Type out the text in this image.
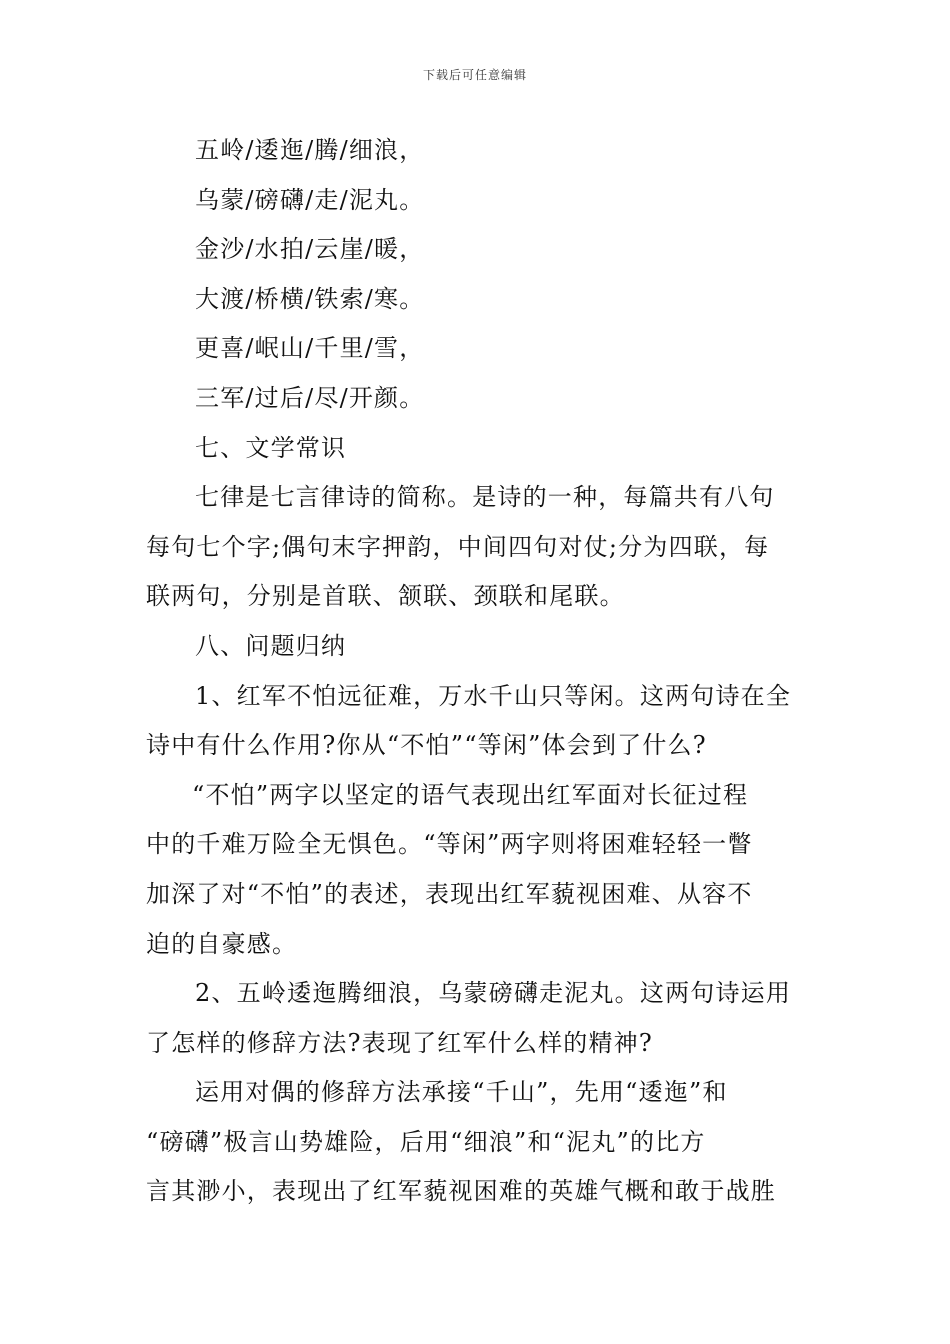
下载后可任意编辑
五岭/逶迤/腾/细浪，
乌蒙/磅礴/走/泥丸。
金沙/水拍/云崖/暖，
大渡/桥横/铁索/寒。
更喜/岷山/千里/雪，
三军/过后/尽/开颜。
七、文学常识
七律是七言律诗的简称。是诗的一种，每篇共有八句
每句七个字;偶句末字押韵，中间四句对仗;分为四联，每
联两句，分别是首联、颔联、颈联和尾联。
八、问题归纳
1、红军不怕远征难，万水千山只等闲。这两句诗在全
诗中有什么作用?你从“不怕”“等闲”体会到了什么?
“不怕”两字以坚定的语气表现出红军面对长征过程
中的千难万险全无惧色。“等闲”两字则将困难轻轻一瞥
加深了对“不怕”的表述，表现出红军藐视困难、从容不
迫的自豪感。
2、五岭逶迤腾细浪，乌蒙磅礴走泥丸。这两句诗运用
了怎样的修辞方法?表现了红军什么样的精神?
运用对偶的修辞方法承接“千山”，先用“逶迤”和
“磅礴”极言山势雄险，后用“细浪”和“泥丸”的比方
言其渺小，表现出了红军藐视困难的英雄气概和敢于战胜
